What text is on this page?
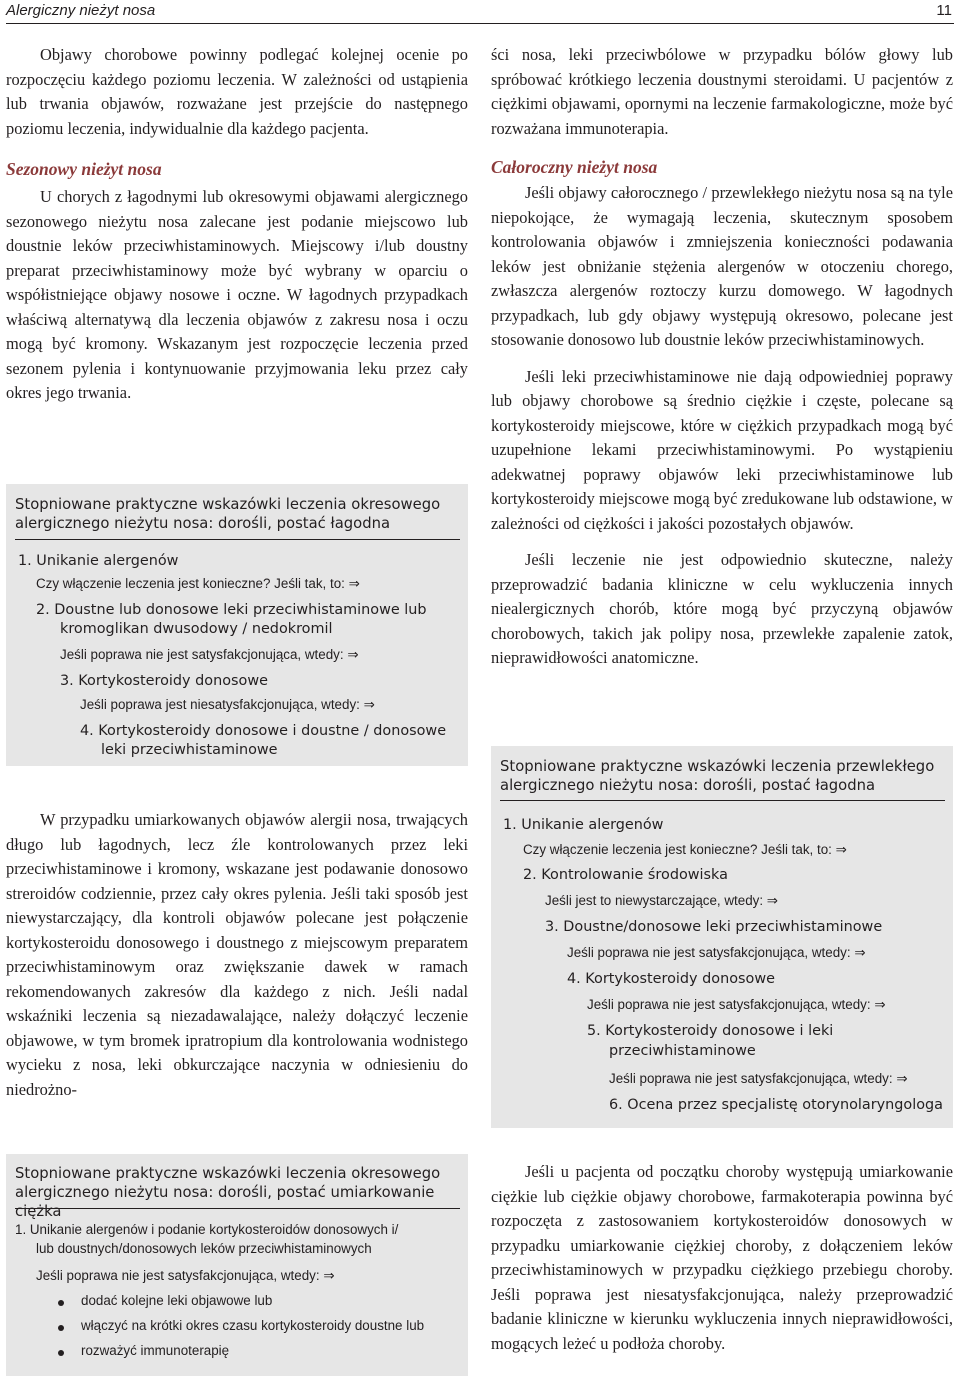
Alergiczny nieżyt nosa	11

Objawy chorobowe powinny podlegać kolejnej ocenie po rozpoczęciu każdego poziomu leczenia. W zależności od ustąpienia lub trwania objawów, rozważane jest przejście do następnego poziomu leczenia, indywidualnie dla każdego pacjenta.

Sezonowy nieżyt nosa

U chorych z łagodnymi lub okresowymi objawami alergicznego sezonowego nieżytu nosa zalecane jest podanie miejscowo lub doustnie leków przeciwhistaminowych. Miejscowy i/lub doustny preparat przeciwhistaminowy może być wybrany w oparciu o współistniejące objawy nosowe i oczne. W łagodnych przypadkach właściwą alternatywą dla leczenia objawów z zakresu nosa i oczu mogą być kromony. Wskazanym jest rozpoczęcie leczenia przed sezonem pylenia i kontynuowanie przyjmowania leku przez cały okres jego trwania.

Stopniowane praktyczne wskazówki leczenia okresowego
alergicznego nieżytu nosa: dorośli, postać łagodna
1. Unikanie alergenów
Czy włączenie leczenia jest konieczne? Jeśli tak, to: ⇒
2. Doustne lub donosowe leki przeciwhistaminowe lub
kromoglikan dwusodowy / nedokromil
Jeśli poprawa nie jest satysfakcjonująca, wtedy: ⇒
3. Kortykosteroidy donosowe
Jeśli poprawa jest niesatysfakcjonująca, wtedy: ⇒
4. Kortykosteroidy donosowe i doustne / donosowe
leki przeciwhistaminowe

W przypadku umiarkowanych objawów alergii nosa, trwających długo lub łagodnych, lecz źle kontrolowanych przez leki przeciwhistaminowe i kromony, wskazane jest podawanie donosowo streroidów codziennie, przez cały okres pylenia. Jeśli taki sposób jest niewystarczający, dla kontroli objawów polecane jest połączenie kortykosteroidu donosowego i doustnego z miejscowym preparatem przeciwhistaminowym oraz zwiększanie dawek w ramach rekomendowanych zakresów dla każdego z nich. Jeśli nadal wskaźniki leczenia są niezadawalające, należy dołączyć leczenie objawowe, w tym bromek ipratropium dla kontrolowania wodnistego wycieku z nosa, leki obkurczające naczynia w odniesieniu do niedrożno-

Stopniowane praktyczne wskazówki leczenia okresowego
alergicznego nieżytu nosa: dorośli, postać umiarkowanie ciężka
1. Unikanie alergenów i podanie kortykosteroidów donosowych i/
lub doustnych/donosowych leków przeciwhistaminowych
Jeśli poprawa nie jest satysfakcjonująca, wtedy: ⇒
dodać kolejne leki objawowe lub
włączyć na krótki okres czasu kortykosteroidy doustne lub
rozważyć immunoterapię

ści nosa, leki przeciwbólowe w przypadku bólów głowy lub spróbować krótkiego leczenia doustnymi steroidami. U pacjentów z ciężkimi objawami, opornymi na leczenie farmakologiczne, może być rozważana immunoterapia.

Całoroczny nieżyt nosa

Jeśli objawy całorocznego / przewlekłego nieżytu nosa są na tyle niepokojące, że wymagają leczenia, skutecznym sposobem kontrolowania objawów i zmniejszenia konieczności podawania leków jest obniżanie stężenia alergenów w otoczeniu chorego, zwłaszcza alergenów roztoczy kurzu domowego. W łagodnych przypadkach, lub gdy objawy występują okresowo, polecane jest stosowanie donosowo lub doustnie leków przeciwhistaminowych.

Jeśli leki przeciwhistaminowe nie dają odpowiedniej poprawy lub objawy chorobowe są średnio ciężkie i częste, polecane są kortykosteroidy miejscowe, które w ciężkich przypadkach mogą być uzupełnione lekami przeciwhistaminowymi. Po wystąpieniu adekwatnej poprawy objawów leki przeciwhistaminowe lub kortykosteroidy miejscowe mogą być zredukowane lub odstawione, w zależności od ciężkości i jakości pozostałych objawów.

Jeśli leczenie nie jest odpowiednio skuteczne, należy przeprowadzić badania kliniczne w celu wykluczenia innych niealergicznych chorób, które mogą być przyczyną objawów chorobowych, takich jak polipy nosa, przewlekłe zapalenie zatok, nieprawidłowości anatomiczne.

Stopniowane praktyczne wskazówki leczenia przewlekłego
alergicznego nieżytu nosa: dorośli, postać łagodna
1. Unikanie alergenów
Czy włączenie leczenia jest konieczne? Jeśli tak, to: ⇒
2. Kontrolowanie środowiska
Jeśli jest to niewystarczające, wtedy: ⇒
3. Doustne/donosowe leki przeciwhistaminowe
Jeśli poprawa nie jest satysfakcjonująca, wtedy: ⇒
4. Kortykosteroidy donosowe
Jeśli poprawa nie jest satysfakcjonująca, wtedy: ⇒
5. Kortykosteroidy donosowe i leki
przeciwhistaminowe
Jeśli poprawa nie jest satysfakcjonująca, wtedy: ⇒
6. Ocena przez specjalistę otorynolaryngologa

Jeśli u pacjenta od początku choroby występują umiarkowanie ciężkie lub ciężkie objawy chorobowe, farmakoterapia powinna być rozpoczęta z zastosowaniem kortykosteroidów donosowych w przypadku umiarkowanie ciężkiej choroby, z dołączeniem leków przeciwhistaminowych w przypadku ciężkiego przebiegu choroby. Jeśli poprawa jest niesatysfakcjonująca, należy przeprowadzić badanie kliniczne w kierunku wykluczenia innych nieprawidłowości, mogących leżeć u podłoża choroby.
